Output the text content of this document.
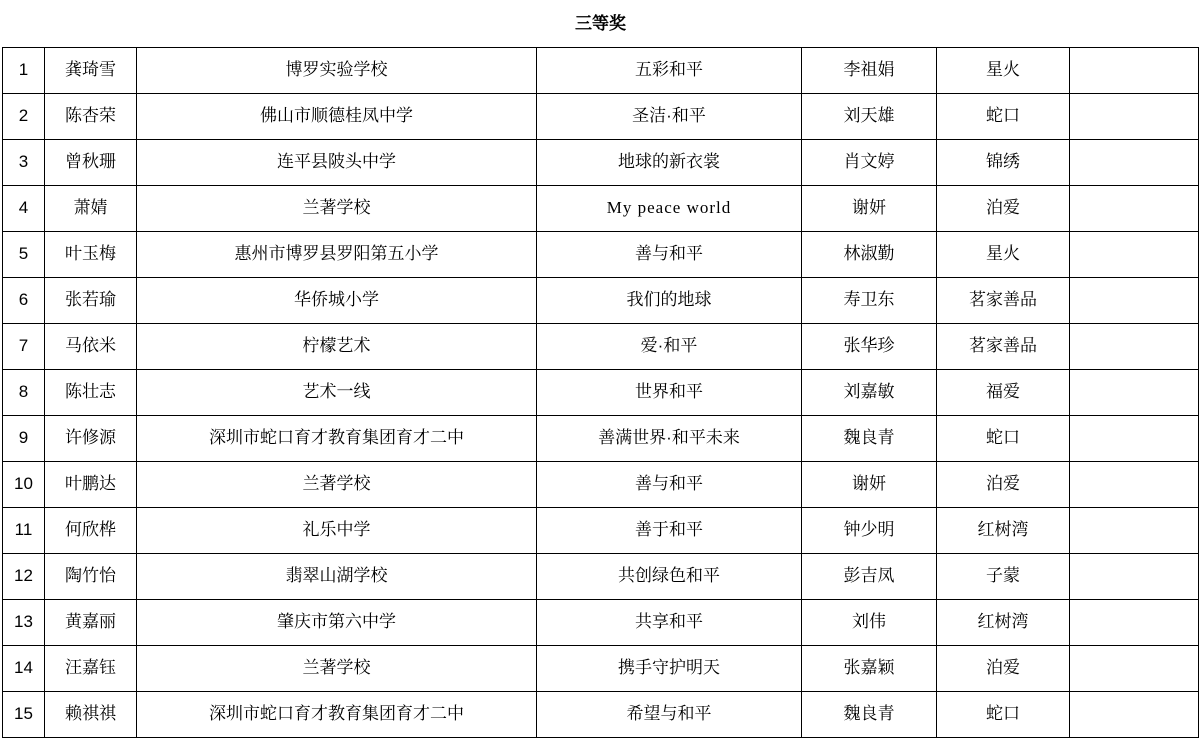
三等奖						
1	龚琦雪	博罗实验学校	五彩和平	李祖娟	星火	
2	陈杏荣	佛山市顺德桂凤中学	圣洁·和平	刘天雄	蛇口	
3	曾秋珊	连平县陂头中学	地球的新衣裳	肖文婷	锦绣	
4	萧婧	兰著学校	My peace world	谢妍	泊爱	
5	叶玉梅	惠州市博罗县罗阳第五小学	善与和平	林淑勤	星火	
6	张若瑜	华侨城小学	我们的地球	寿卫东	茗家善品	
7	马依米	柠檬艺术	爱·和平	张华珍	茗家善品	
8	陈壮志	艺术一线	世界和平	刘嘉敏	福爱	
9	许修源	深圳市蛇口育才教育集团育才二中	善满世界·和平未来	魏良青	蛇口	
10	叶鹏达	兰著学校	善与和平	谢妍	泊爱	
11	何欣桦	礼乐中学	善于和平	钟少明	红树湾	
12	陶竹怡	翡翠山湖学校	共创绿色和平	彭吉凤	子蒙	
13	黄嘉丽	肇庆市第六中学	共享和平	刘伟	红树湾	
14	汪嘉钰	兰著学校	携手守护明天	张嘉颖	泊爱	
15	赖祺祺	深圳市蛇口育才教育集团育才二中	希望与和平	魏良青	蛇口	
